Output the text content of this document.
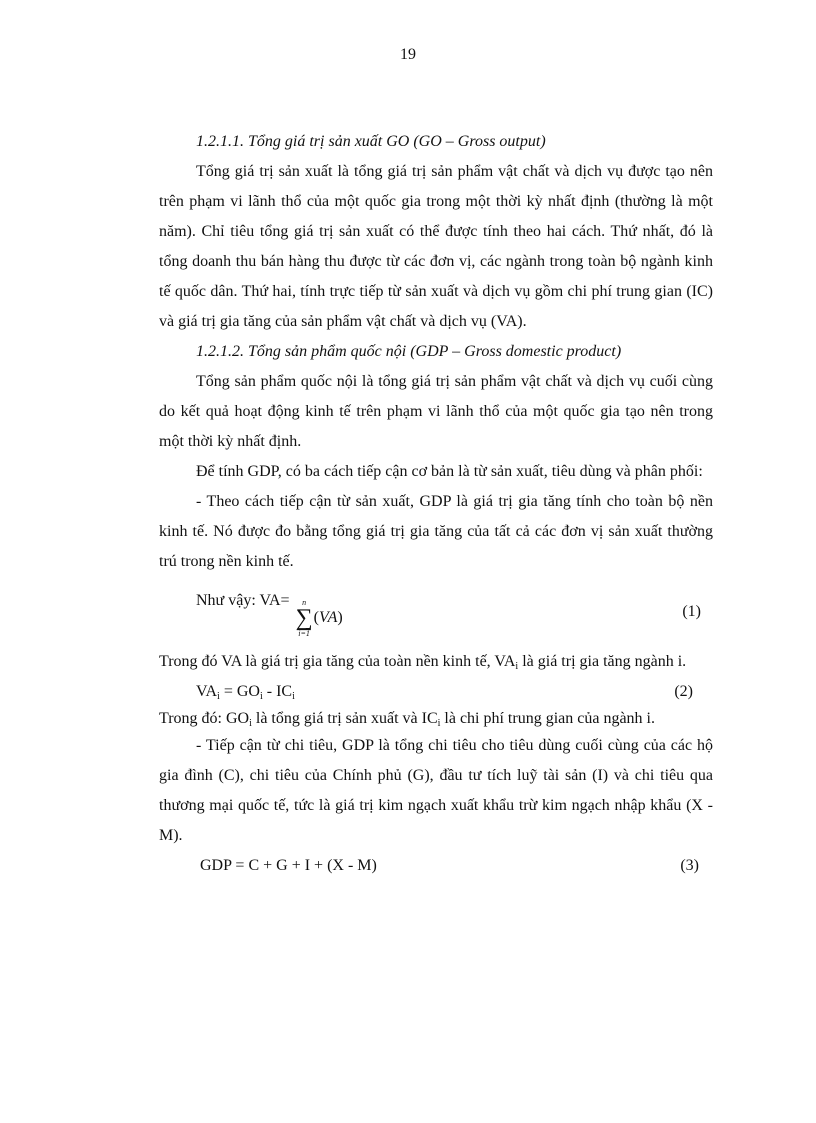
19

1.2.1.1. Tổng giá trị sản xuất GO (GO – Gross output)

Tổng giá trị sản xuất là tổng giá trị sản phẩm vật chất và dịch vụ được tạo nên trên phạm vi lãnh thổ của một quốc gia trong một thời kỳ nhất định (thường là một năm). Chỉ tiêu tổng giá trị sản xuất có thể được tính theo hai cách. Thứ nhất, đó là tổng doanh thu bán hàng thu được từ các đơn vị, các ngành trong toàn bộ ngành kinh tế quốc dân. Thứ hai, tính trực tiếp từ sản xuất và dịch vụ gồm chi phí trung gian (IC) và giá trị gia tăng của sản phẩm vật chất và dịch vụ (VA).

1.2.1.2. Tổng sản phẩm quốc nội (GDP – Gross domestic product)

Tổng sản phẩm quốc nội là tổng giá trị sản phẩm vật chất và dịch vụ cuối cùng do kết quả hoạt động kinh tế trên phạm vi lãnh thổ của một quốc gia tạo nên trong một thời kỳ nhất định.

Để tính GDP, có ba cách tiếp cận cơ bản là từ sản xuất, tiêu dùng và phân phối:

- Theo cách tiếp cận từ sản xuất, GDP là giá trị gia tăng tính cho toàn bộ nền kinh tế. Nó được đo bằng tổng giá trị gia tăng của tất cả các đơn vị sản xuất thường trú trong nền kinh tế.

Như vậy: VA= n
∑
i=1
(VA)	(1)

Trong đó VA là giá trị gia tăng của toàn nền kinh tế, $VA_i$ là giá trị gia tăng ngành i.

$VA_i = GO_i - IC_i$	(2)

Trong đó: $GO_i$ là tổng giá trị sản xuất và $IC_i$ là chi phí trung gian của ngành i.

- Tiếp cận từ chi tiêu, GDP là tổng chi tiêu cho tiêu dùng cuối cùng của các hộ gia đình (C), chi tiêu của Chính phủ (G), đầu tư tích luỹ tài sản (I) và chi tiêu qua thương mại quốc tế, tức là giá trị kim ngạch xuất khẩu trừ kim ngạch nhập khẩu (X - M).

GDP = C + G + I + (X - M)	(3)
